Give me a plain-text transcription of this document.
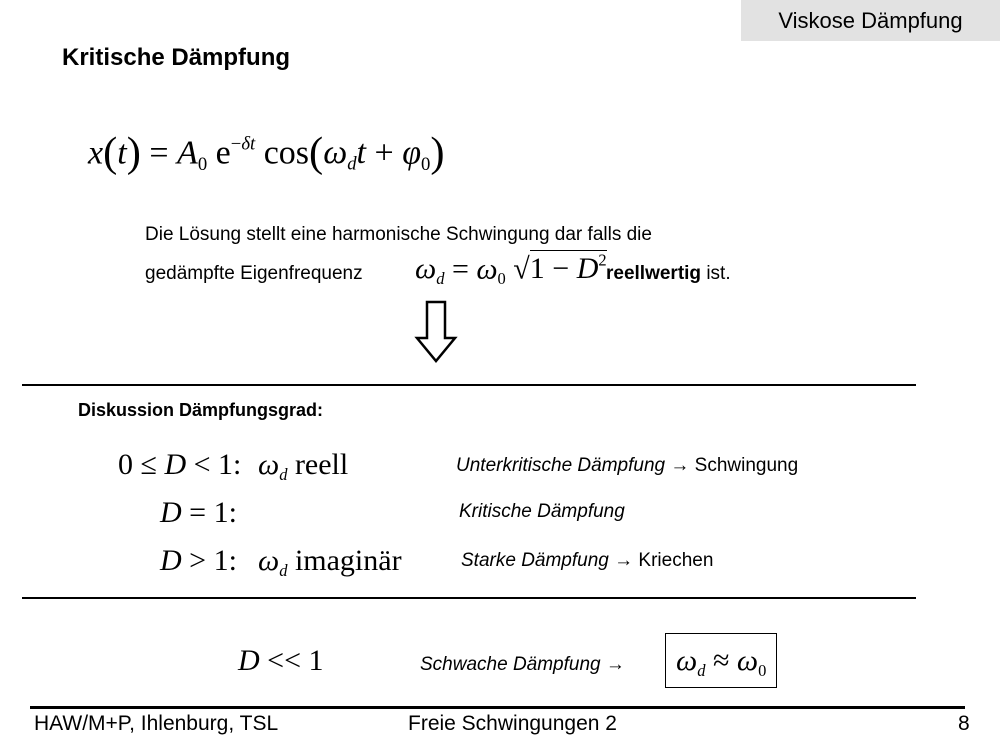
Viskose Dämpfung
Kritische Dämpfung
$x(t) = A_0$ $e^{-\delta t}$ $\cos(\omega_dt + \varphi_0)$
Die Lösung stellt eine harmonische Schwingung dar falls die
gedämpfte Eigenfrequenz $\omega_d = \omega_0$ $√1 - D^2$
reellwertig ist.
Diskussion Dämpfungsgrad:
0 ≤ D < 1: $\omega_d$ reell	Unterkritische Dämpfung → Schwingung
D = 1:	Kritische Dämpfung
D > 1: $\omega_d$ imaginär	Starke Dämpfung → Kriechen
D << 1	Schwache Dämpfung →	$\omega_d \approx \omega_0$
HAW/M+P, Ihlenburg, TSL	Freie Schwingungen 2	8
